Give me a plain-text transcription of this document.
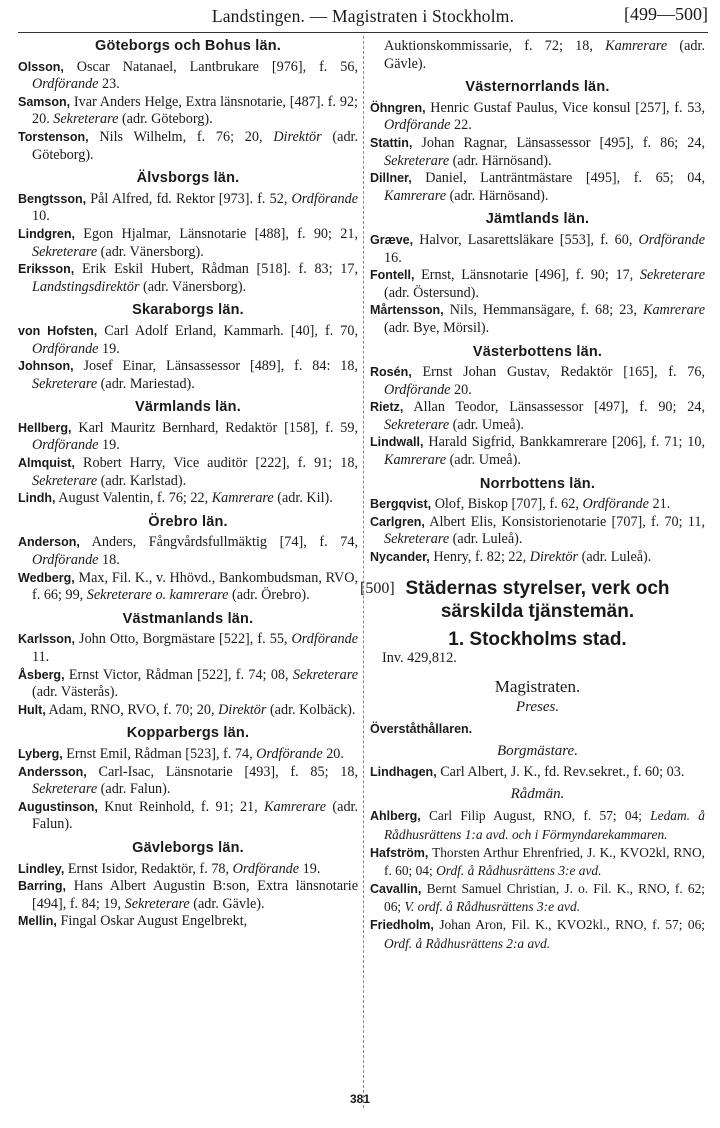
Landstingen. — Magistraten i Stockholm.	[499—500]
Göteborgs och Bohus län.

Olsson, Oscar Natanael, Lantbrukare [976], f. 56, Ordförande 23.

Samson, Ivar Anders Helge, Extra länsnotarie, [487]. f. 92; 20. Sekreterare (adr. Göteborg).

Torstenson, Nils Wilhelm, f. 76; 20, Direktör (adr. Göteborg).

Älvsborgs län.

Bengtsson, Pål Alfred, fd. Rektor [973]. f. 52, Ordförande 10.

Lindgren, Egon Hjalmar, Länsnotarie [488], f. 90; 21, Sekreterare (adr. Vänersborg).

Eriksson, Erik Eskil Hubert, Rådman [518]. f. 83; 17, Landstingsdirektör (adr. Vänersborg).

Skaraborgs län.

von Hofsten, Carl Adolf Erland, Kammarh. [40], f. 70, Ordförande 19.

Johnson, Josef Einar, Länsassessor [489], f. 84: 18, Sekreterare (adr. Mariestad).

Värmlands län.

Hellberg, Karl Mauritz Bernhard, Redaktör [158], f. 59, Ordförande 19.

Almquist, Robert Harry, Vice auditör [222], f. 91; 18, Sekreterare (adr. Karlstad).

Lindh, August Valentin, f. 76; 22, Kamrerare (adr. Kil).

Örebro län.

Anderson, Anders, Fångvårdsfullmäktig [74], f. 74, Ordförande 18.

Wedberg, Max, Fil. K., v. Hhövd., Bankombudsman, RVO, f. 66; 99, Sekreterare o. kamrerare (adr. Örebro).

Västmanlands län.

Karlsson, John Otto, Borgmästare [522], f. 55, Ordförande 11.

Åsberg, Ernst Victor, Rådman [522], f. 74; 08, Sekreterare (adr. Västerås).

Hult, Adam, RNO, RVO, f. 70; 20, Direktör (adr. Kolbäck).

Kopparbergs län.

Lyberg, Ernst Emil, Rådman [523], f. 74, Ordförande 20.

Andersson, Carl-Isac, Länsnotarie [493], f. 85; 18, Sekreterare (adr. Falun).

Augustinson, Knut Reinhold, f. 91; 21, Kamrerare (adr. Falun).

Gävleborgs län.

Lindley, Ernst Isidor, Redaktör, f. 78, Ordförande 19.

Barring, Hans Albert Augustin B:son, Extra länsnotarie [494], f. 84; 19, Sekreterare (adr. Gävle).

Mellin, Fingal Oskar August Engelbrekt,

Auktionskommissarie, f. 72; 18, Kamrerare (adr. Gävle).

Västernorrlands län.

Öhngren, Henric Gustaf Paulus, Vice konsul [257], f. 53, Ordförande 22.

Stattin, Johan Ragnar, Länsassessor [495], f. 86; 24, Sekreterare (adr. Härnösand).

Dillner, Daniel, Lanträntmästare [495], f. 65; 04, Kamrerare (adr. Härnösand).

Jämtlands län.

Græve, Halvor, Lasarettsläkare [553], f. 60, Ordförande 16.

Fontell, Ernst, Länsnotarie [496], f. 90; 17, Sekreterare (adr. Östersund).

Mårtensson, Nils, Hemmansägare, f. 68; 23, Kamrerare (adr. Bye, Mörsil).

Västerbottens län.

Rosén, Ernst Johan Gustav, Redaktör [165], f. 76, Ordförande 20.

Rietz, Allan Teodor, Länsassessor [497], f. 90; 24, Sekreterare (adr. Umeå).

Lindwall, Harald Sigfrid, Bankkamrerare [206], f. 71; 10, Kamrerare (adr. Umeå).

Norrbottens län.

Bergqvist, Olof, Biskop [707], f. 62, Ordförande 21.

Carlgren, Albert Elis, Konsistorienotarie [707], f. 70; 11, Sekreterare (adr. Luleå).

Nycander, Henry, f. 82; 22, Direktör (adr. Luleå).

[500] Städernas styrelser, verk och särskilda tjänstemän.
1. Stockholms stad.

Inv. 429,812.

Magistraten.
Preses.
Överståthållaren.
Borgmästare.

Lindhagen, Carl Albert, J. K., fd. Rev.sekret., f. 60; 03.

Rådmän.

Ahlberg, Carl Filip August, RNO, f. 57; 04; Ledam. å Rådhusrättens 1:a avd. och i Förmyndarekammaren.

Hafström, Thorsten Arthur Ehrenfried, J. K., KVO2kl, RNO, f. 60; 04; Ordf. å Rådhusrättens 3:e avd.

Cavallin, Bernt Samuel Christian, J. o. Fil. K., RNO, f. 62; 06; V. ordf. å Rådhusrättens 3:e avd.

Friedholm, Johan Aron, Fil. K., KVO2kl., RNO, f. 57; 06; Ordf. å Rådhusrättens 2:a avd.

381
